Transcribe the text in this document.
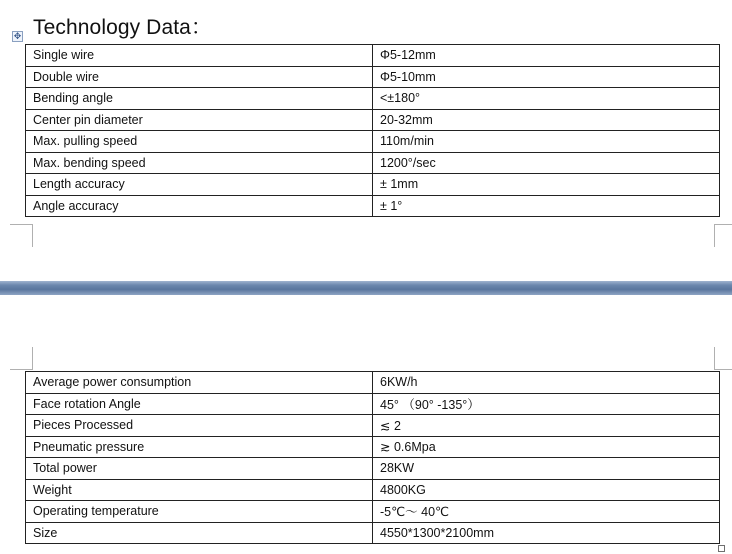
Technology Data：
✥
Single wire	Φ5-12mm
Double wire	Φ5-10mm
Bending angle	<±180°
Center pin diameter	20-32mm
Max. pulling speed	110m/min
Max. bending speed	1200°/sec
Length accuracy	± 1mm
Angle accuracy	± 1°
Average power consumption	6KW/h
Face rotation Angle	45° （90° -135°）
Pieces Processed	≲ 2
Pneumatic pressure	≳ 0.6Mpa
Total power	28KW
Weight	4800KG
Operating temperature	-5℃～ 40℃
Size	4550*1300*2100mm
